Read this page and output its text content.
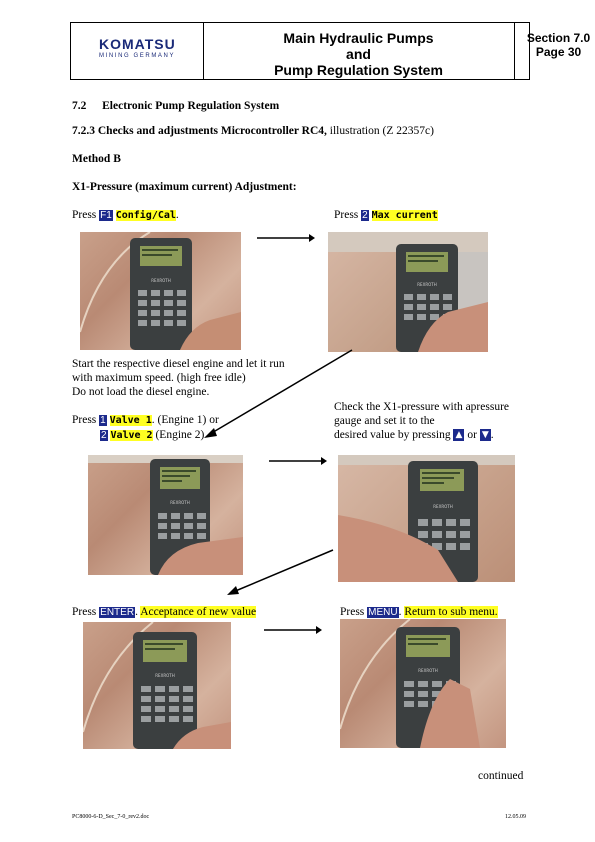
KOMATSU
MINING GERMANY
Main Hydraulic Pumps
and
Pump Regulation System
Section 7.0
Page 30
7.2 Electronic Pump Regulation System
7.2.3 Checks and adjustments Microcontroller RC4, illustration (Z 22357c)
Method B
X1-Pressure (maximum current) Adjustment:
Press F1 Config/Cal.	Press 2 Max current
REXROTH
REXROTH
Start the respective diesel engine and let it run
with maximum speed. (high free idle)
Do not load the diesel engine.
Check the X1-pressure with apressure
gauge and set it to the
desired value by pressing ▲ or ▼ .
Press 1 Valve 1. (Engine 1) or
2 Valve 2 (Engine 2)
REXROTH
REXROTH
Press ENTER. Acceptance of new value	Press MENU. Return to sub menu.
REXROTH
REXROTH
continued
PC8000-6-D_Sec_7-0_rev2.doc	12.05.09
